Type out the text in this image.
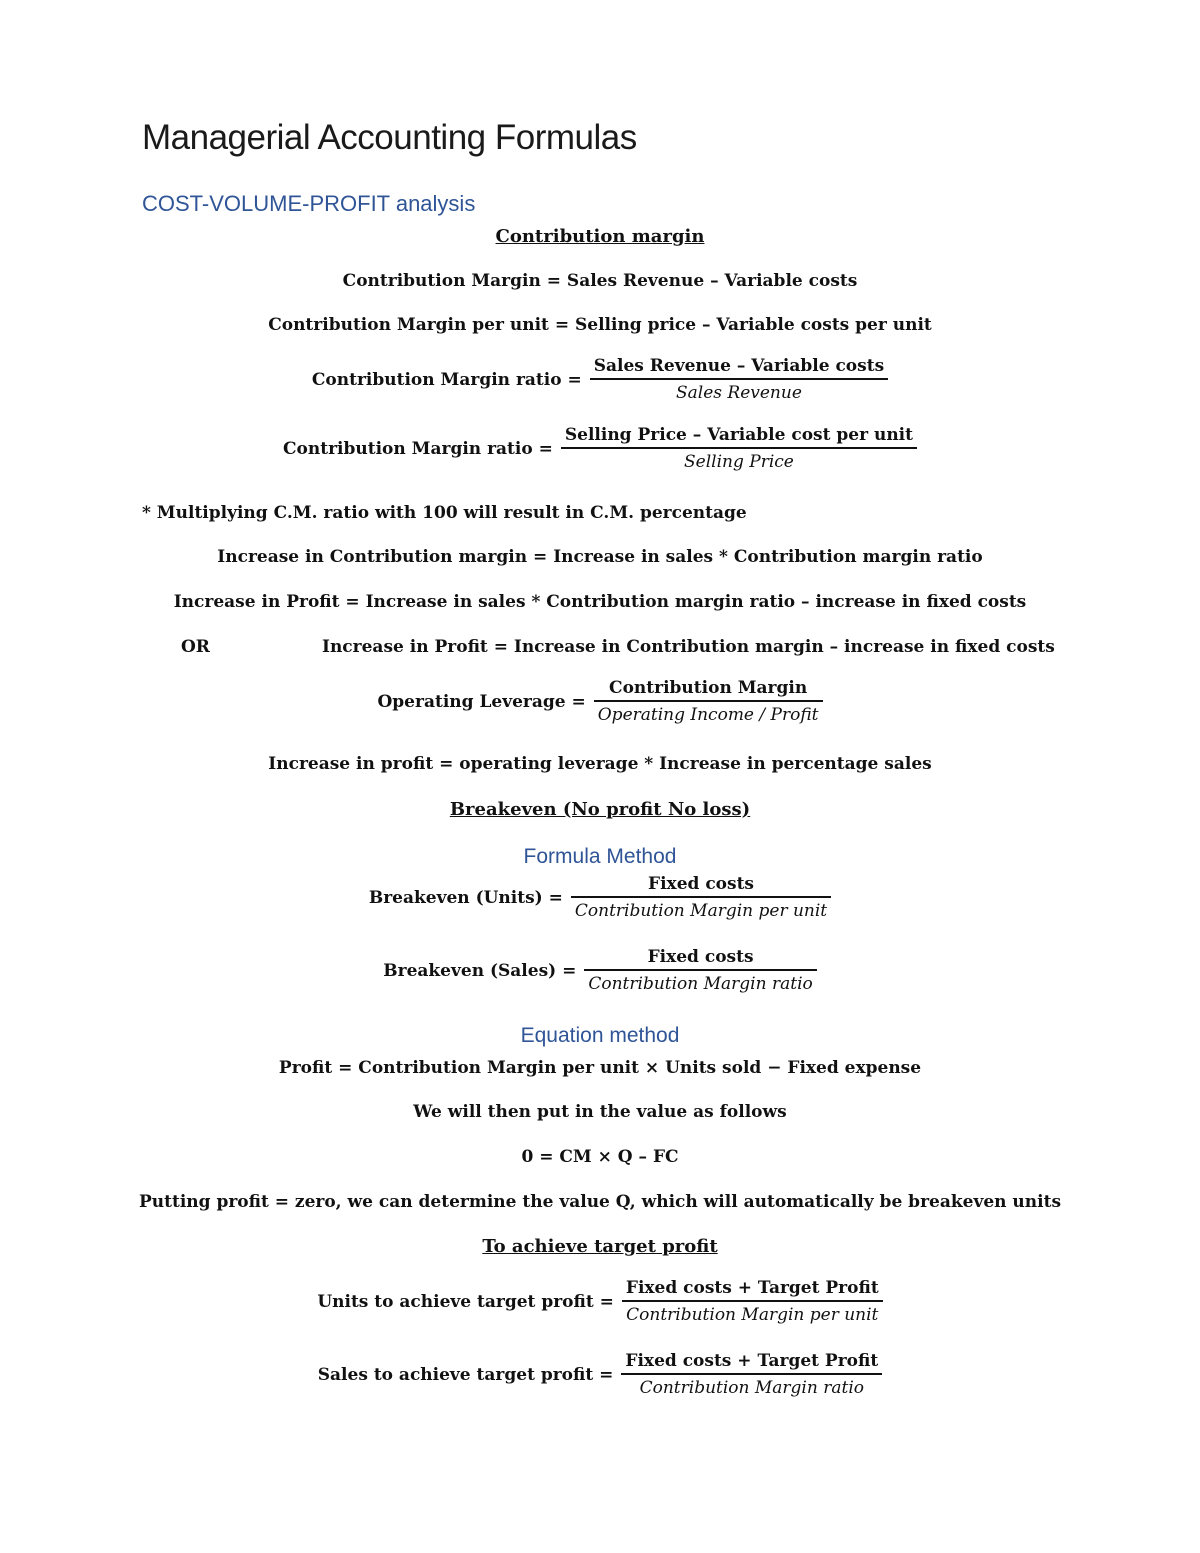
Managerial Accounting Formulas
COST-VOLUME-PROFIT analysis
Contribution margin
Contribution Margin = Sales Revenue – Variable costs
Contribution Margin per unit = Selling price – Variable costs per unit
Contribution Margin ratio = $\frac{\text{Sales Revenue – Variable costs}}{\text{Sales Revenue}}$
Contribution Margin ratio = $\frac{\text{Selling Price – Variable cost per unit}}{\text{Selling Price}}$
* Multiplying C.M. ratio with 100 will result in C.M. percentage
Increase in Contribution margin = Increase in sales * Contribution margin ratio
Increase in Profit = Increase in sales * Contribution margin ratio – increase in fixed costs
OR	Increase in Profit = Increase in Contribution margin – increase in fixed costs
Operating Leverage = $\frac{\text{Contribution Margin}}{\text{Operating Income / Profit}}$
Increase in profit = operating leverage * Increase in percentage sales
Breakeven (No profit No loss)
Formula Method
Breakeven (Units) = $\frac{\text{Fixed costs}}{\text{Contribution Margin per unit}}$
Breakeven (Sales) = $\frac{\text{Fixed costs}}{\text{Contribution Margin ratio}}$
Equation method
Profit = Contribution Margin per unit × Units sold − Fixed expense
We will then put in the value as follows
0 = CM × Q – FC
Putting profit = zero, we can determine the value Q, which will automatically be breakeven units
To achieve target profit
Units to achieve target profit = $\frac{\text{Fixed costs + Target Profit}}{\text{Contribution Margin per unit}}$
Sales to achieve target profit = $\frac{\text{Fixed costs + Target Profit}}{\text{Contribution Margin ratio}}$
